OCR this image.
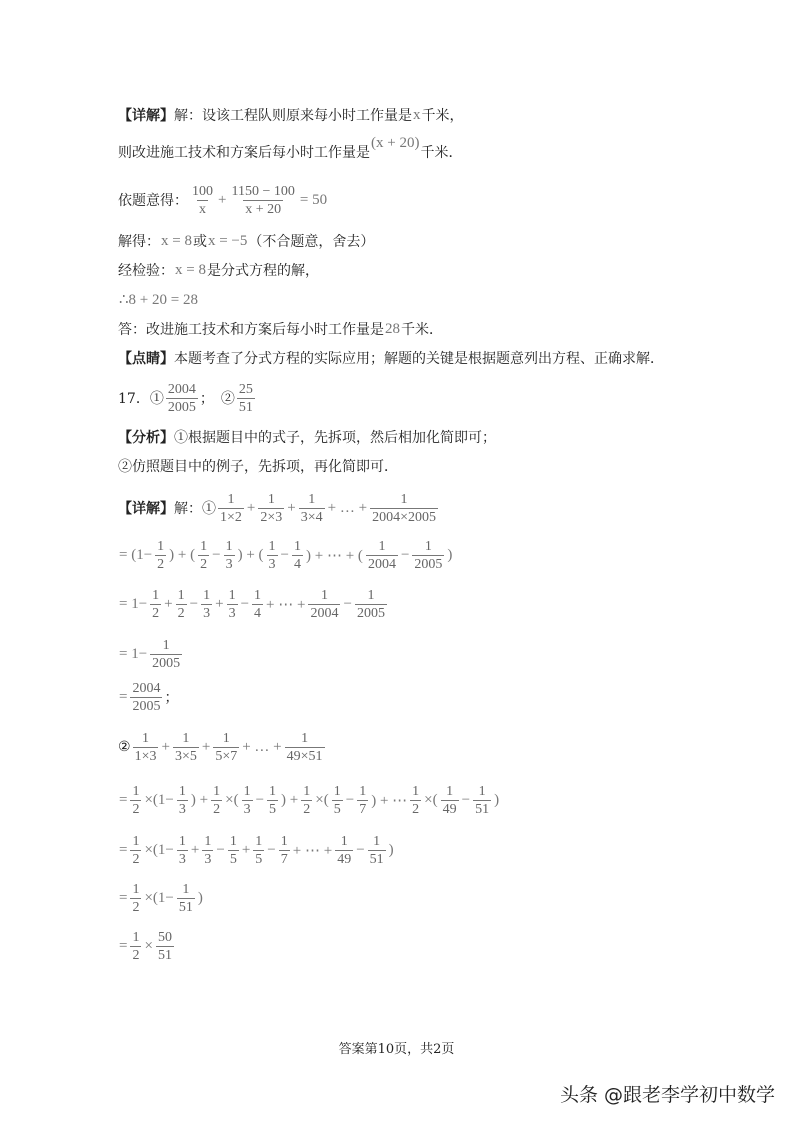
【详解】 解：设该工程队则原来每小时工作量是 x 千米，
则改进施工技术和方案后每小时工作量是
(x + 20)
千米．
依题意得： $\frac{100}{x} + \frac{1150 - 100}{x + 20} = 50$
解得： x = 8 或 x = −5 （不合题意，舍去）
经检验： x = 8 是分式方程的解，
∴8 + 20 = 28
答：改进施工技术和方案后每小时工作量是 28 千米．
【点睛】 本题考查了分式方程的实际应用；解题的关键是根据题意列出方程、正确求解．
17．① $\frac{2004}{2005}$ ；　② $\frac{25}{51}$
【分析】 ①根据题目中的式子，先拆项，然后相加化简即可；
②仿照题目中的例子，先拆项，再化简即可．
【详解】 解：① $\frac{1}{1\times 2} + \frac{1}{2\times 3} + \frac{1}{3\times 4}$ + … + $\frac{1}{2004\times 2005}$
= ($1- \frac{1}{2}$ ) + ( $\frac{1}{2} - \frac{1}{3}$ ) + ( $\frac{1}{3} - \frac{1}{4}$ ) + ⋯ + ( $\frac{1}{2004} - \frac{1}{2005}$ )
= $1- \frac{1}{2} + \frac{1}{2} - \frac{1}{3} + \frac{1}{3} - \frac{1}{4}$ + ⋯ + $\frac{1}{2004} - \frac{1}{2005}$
= $1- \frac{1}{2005}$
= $\frac{2004}{2005}$ ；
② $\frac{1}{1\times 3} + \frac{1}{3\times 5} + \frac{1}{5\times 7}$ + … + $\frac{1}{49\times 51}$
= $\frac{1}{2} \times(1- \frac{1}{3}$ ) + $\frac{1}{2}$ ×( $\frac{1}{3} - \frac{1}{5}$ ) + $\frac{1}{2}$ ×( $\frac{1}{5} - \frac{1}{7}$ ) + ⋯ $\frac{1}{2}$ ×( $\frac{1}{49} - \frac{1}{51}$ )
= $\frac{1}{2} \times(1- \frac{1}{3} + \frac{1}{3} - \frac{1}{5} + \frac{1}{5} - \frac{1}{7}$ + ⋯ + $\frac{1}{49} - \frac{1}{51}$ )
= $\frac{1}{2} \times(1- \frac{1}{51}$ )
= $\frac{1}{2} \times \frac{50}{51}$
答案第10页，共2页
头条 @跟老李学初中数学
